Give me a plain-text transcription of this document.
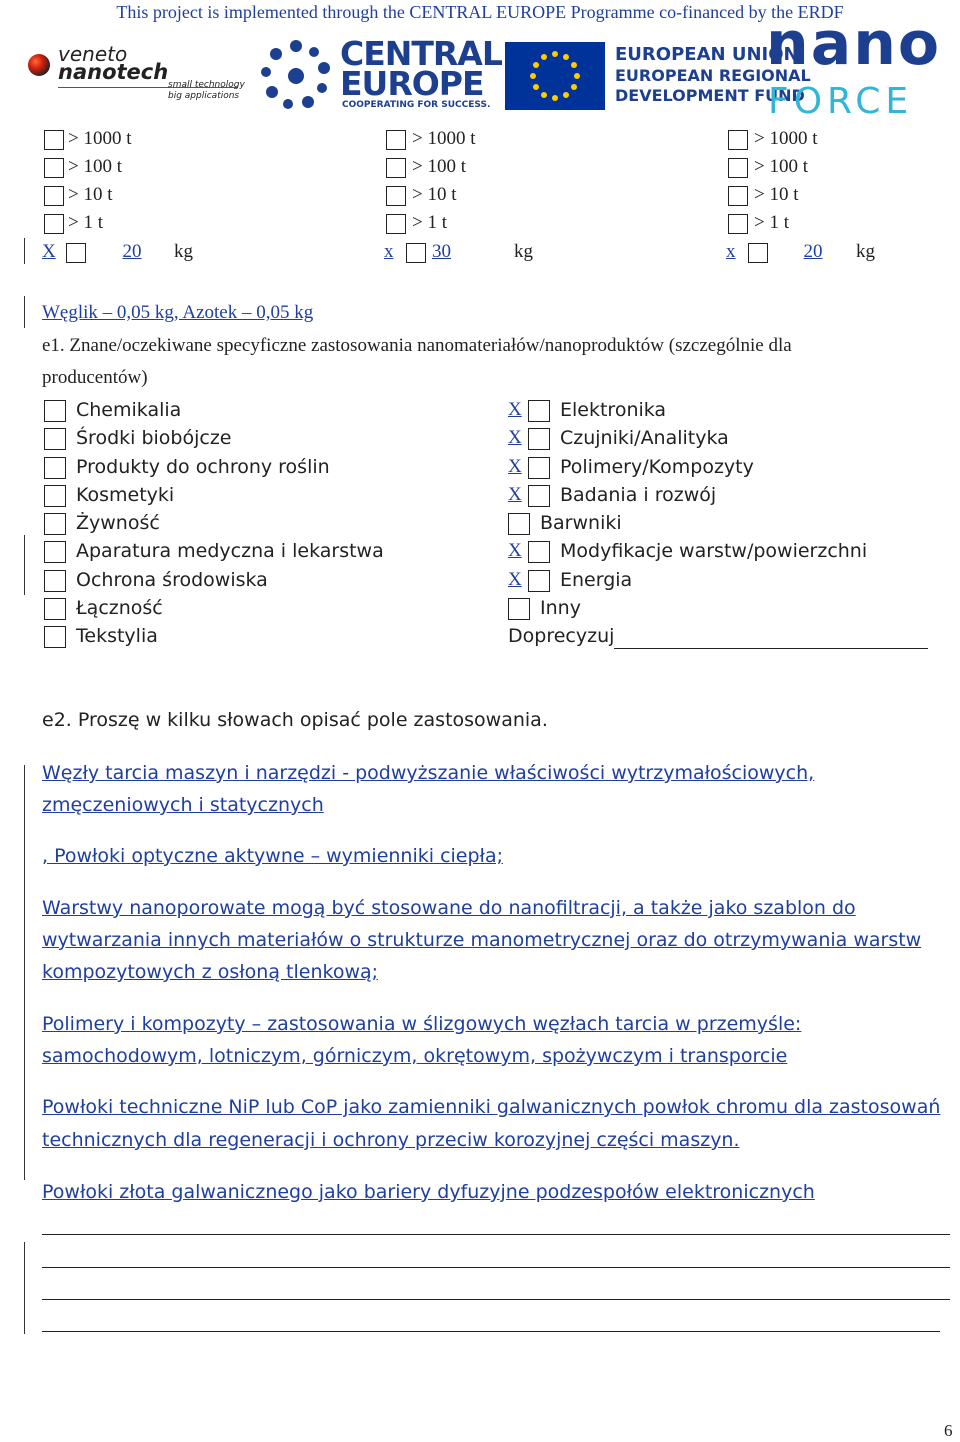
This project is implemented through the CENTRAL EUROPE Programme co-financed by the ERDF
veneto
nanotech
small technology
big applications
CENTRAL
EUROPE
COOPERATING FOR SUCCESS.
EUROPEAN UNION
EUROPEAN REGIONAL
DEVELOPMENT FUND
nano
FORCE
> 1000 t
> 100 t
> 10 t
> 1 t
X	20	kg
> 1000 t
> 100 t
> 10 t
> 1 t
x 30	kg
> 1000 t
> 100 t
> 10 t
> 1 t
x	20	kg
Węglik – 0,05 kg, Azotek – 0,05 kg
e1. Znane/oczekiwane specyficzne zastosowania nanomateriałów/nanoproduktów (szczególnie dla
producentów)
Chemikalia
Środki biobójcze
Produkty do ochrony roślin
Kosmetyki
Żywność
Aparatura medyczna i lekarstwa
Ochrona środowiska
Łączność
Tekstylia
X Elektronika
X Czujniki/Analityka
X Polimery/Kompozyty
X Badania i rozwój
Barwniki
X Modyfikacje warstw/powierzchni
X Energia
Inny
Doprecyzuj
e2. Proszę w kilku słowach opisać pole zastosowania.
Węzły tarcia maszyn i narzędzi - podwyższanie właściwości wytrzymałościowych,
zmęczeniowych i statycznych
, Powłoki optyczne aktywne – wymienniki ciepła;
Warstwy nanoporowate mogą być stosowane do nanofiltracji, a także jako szablon do
wytwarzania innych materiałów o strukturze manometrycznej oraz do otrzymywania warstw
kompozytowych z osłoną tlenkową;
Polimery i kompozyty – zastosowania w ślizgowych węzłach tarcia w przemyśle:
samochodowym, lotniczym, górniczym, okrętowym, spożywczym i transporcie
Powłoki techniczne NiP lub CoP jako zamienniki galwanicznych powłok chromu dla zastosowań
technicznych dla regeneracji i ochrony przeciw korozyjnej części maszyn.
Powłoki złota galwanicznego jako bariery dyfuzyjne podzespołów elektronicznych
6
